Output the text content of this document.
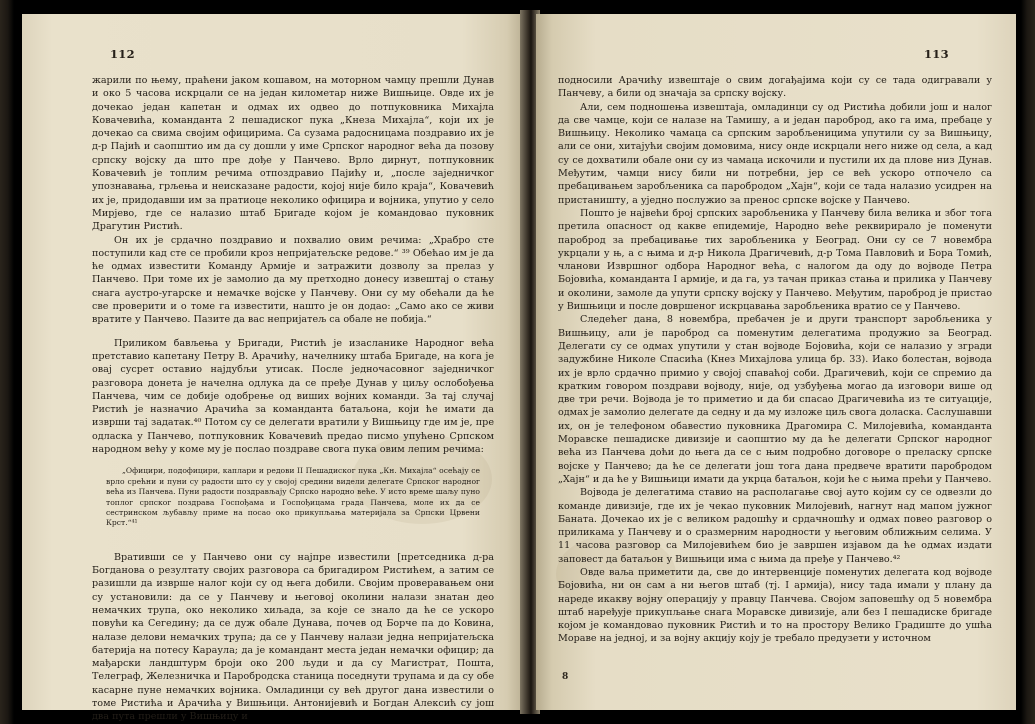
112

жарили по њему, праћени јаком кошавом, на моторном чамцу прешли Дунав и око 5 часова искрцали се на један километар ниже Вишњице. Овде их је дочекао један капетан и одмах их одвео до потпуковника Михајла Ковачевића, команданта 2 пешадиског пука „Кнеза Михајла“, који их је дочекао са свима својим официрима. Са сузама радосницама поздравио их је д-р Пајић и саопштио им да су дошли у име Српског народног већа да позову српску војску да што пре дође у Панчево. Врло дирнут, потпуковник Ковачевић је топлим речима отпоздравио Пајићу и, „после заједничког упознавања, грљења и неисказане радости, којој није било краја“, Ковачевић их је, придодавши им за пратиоце неколико официра и војника, упутио у село Мирјево, где се налазио штаб Бригаде којом је командовао пуковник Драгутин Ристић.

Он их је срдачно поздравио и похвалио овим речима: „Храбро сте поступили кад сте се пробили кроз непријатељске редове.“ ³⁹ Обећао им је да ће одмах известити Команду Армије и затражити дозволу за прелаз у Панчево. При томе их је замолио да му претходно донесу извештај о стању снага аустро-угарске и немачке војске у Панчеву. Они су му обећали да ће све проверити и о томе га известити, нашто је он додао: „Само ако се живи вратите у Панчево. Пазите да вас непријатељ са обале не побија.“

Приликом бављења у Бригади, Ристић је изасланике Народног већа претставио капетану Петру В. Арачићу, начелнику штаба Бригаде, на кога је овај сусрет оставио најдубљи утисак. После једночасовног заједничког разговора донета је начелна одлука да се пређе Дунав у циљу ослобођења Панчева, чим се добије одобрење од виших војних команди. За тај случај Ристић је назначио Арачића за команданта батаљона, који ће имати да изврши тај задатак.⁴⁰ Потом су се делегати вратили у Вишњицу где им је, пре одласка у Панчево, потпуковник Ковачевић предао писмо упућено Српском народном већу у коме му је послао поздраве свога пука овим лепим речима:

„Официри, подофицири, каплари и редови II Пешадиског пука „Кн. Михајла“ осећају се врло срећни и пуни су радости што су у својој средини видели делегате Српског народног већа из Панчева. Пуни радости поздрављају Српско народно веће. У исто време шаљу пуно топлог српског поздрава Госпођама и Госпођицама града Панчева, моле их да се сестринском љубављу приме на посао око прикупљања материјала за Српски Црвени Крст.“⁴¹

Вративши се у Панчево они су најпре известили [претседника д-ра Богданова о резултату својих разговора са бригадиром Ристићем, а затим се разишли да изврше налог који су од њега добили. Својим проверавањем они су установили: да се у Панчеву и његовој околини налази знатан део немачких трупа, око неколико хиљада, за које се знало да ће се ускоро повући ка Сегедину; да се дуж обале Дунава, почев од Борче па до Ковина, налазе делови немачких трупа; да се у Панчеву налази једна непријатељска батерија на потесу Караула; да је командант места један немачки официр; да мађарски ландштурм броји око 200 људи и да су Магистрат, Пошта, Телеграф, Железничка и Паробродска станица поседнути трупама и да су обе касарне пуне немачких војника. Омладинци су већ другог дана известили о томе Ристића и Арачића у Вишњици. Антонијевић и Богдан Алексић су још два пута прешли у Вишњицу и

113

подносили Арачићу извештаје о свим догађајима који су се тада одигравали у Панчеву, а били од значаја за српску војску.

Али, сем подношења извештаја, омладинци су од Ристића добили још и налог да све чамце, који се налазе на Тамишу, а и један пароброд, ако га има, пребаце у Вишњицу. Неколико чамаца са српским заробљеницима упутили су за Вишњицу, али се они, хитајући својим домовима, нису онде искрцали него ниже од села, а кад су се дохватили обале они су из чамаца искочили и пустили их да плове низ Дунав. Међутим, чамци нису били ни потребни, јер се већ ускоро отпочело са пребацивањем заробљеника са паробродом „Хајн“, који се тада налазио усидрен на пристаништу, а уједно послужио за пренос српске војске у Панчево.

Пошто је највећи број српских заробљеника у Панчеву била велика и због тога претила опасност од какве епидемије, Народно веће реквирирало је поменути пароброд за пребацивање тих заробљеника у Београд. Они су се 7 новембра укрцали у њ, а с њима и д-р Никола Драгичевић, д-р Тома Павловић и Бора Томић, чланови Извршног одбора Народног већа, с налогом да оду до војводе Петра Бојовића, команданта I армије, и да га, уз тачан приказ стања и прилика у Панчеву и околини, замоле да упути српску војску у Панчево. Међутим, пароброд је пристао у Вишњици и после довршеног искрцавања заробљеника вратио се у Панчево.

Следећег дана, 8 новембра, пребачен је и други транспорт заробљеника у Вишњицу, али је пароброд са поменутим делегатима продужио за Београд. Делегати су се одмах упутили у стан војводе Бојовића, који се налазио у згради задужбине Николе Спасића (Кнез Михајлова улица бр. 33). Иако болестан, војвода их је врло срдачно примио у својој спаваћој соби. Драгичевић, који се спремио да кратким говором поздрави војводу, није, од узбуђења могао да изговори више од две три речи. Војвода је то приметио и да би спасао Драгичевића из те ситуације, одмах је замолио делегате да седну и да му изложе циљ свога доласка. Саслушавши их, он је телефоном обавестио пуковника Драгомира С. Милојевића, команданта Моравске пешадиске дивизије и саопштио му да ће делегати Српског народног већа из Панчева доћи до њега да се с њим подробно договоре о преласку српске војске у Панчево; да ће се делегати још тога дана предвече вратити паробродом „Хајн“ и да ће у Вишњици имати да укрца батаљон, који ће с њима прећи у Панчево.

Војвода је делегатима ставио на располагање свој ауто којим су се одвезли до команде дивизије, где их је чекао пуковник Милојевић, нагнут над мапом јужног Баната. Дочекао их је с великом радошћу и срдачношћу и одмах повео разговор о приликама у Панчеву и о сразмерним народности у његовим оближњим селима. У 11 часова разговор са Милојевићем био је завршен изјавом да ће одмах издати заповест да батаљон у Вишњици има с њима да пређе у Панчево.⁴²

Овде ваља приметити да, све до интервенције поменутих делегата код војводе Бојовића, ни он сам а ни његов штаб (тј. I армија), нису тада имали у плану да нареде икакву војну операцију у правцу Панчева. Својом заповешћу од 5 новембра штаб наређује прикупљање снага Моравске дивизије, али без I пешадиске бригаде којом је командовао пуковник Ристић и то на простору Велико Градиште до ушћа Мораве на једној, и за војну акцију коју је требало предузети у источном

8
